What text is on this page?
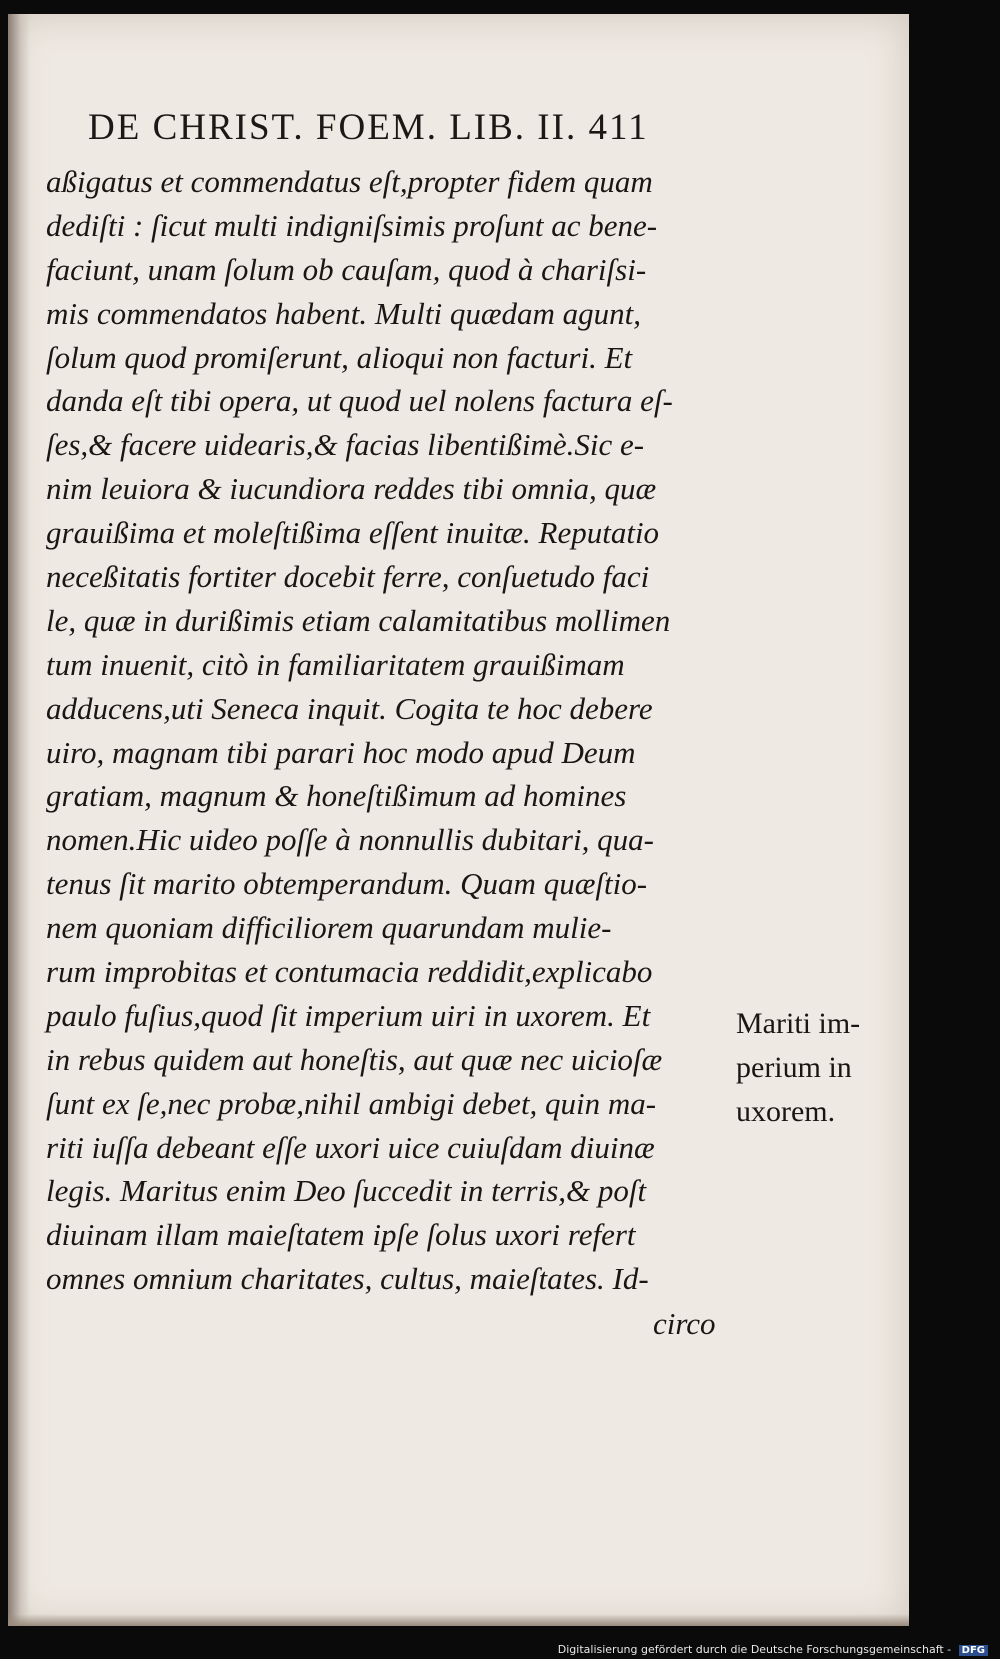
DE CHRIST. FOEM. LIB. II. 411
aßigatus et commendatus eſt,propter fidem quam
dediſti : ſicut multi indigniſsimis proſunt ac bene-
faciunt, unam ſolum ob cauſam, quod à chariſsi-
mis commendatos habent. Multi quædam agunt,
ſolum quod promiſerunt, alioqui non facturi. Et
danda eſt tibi opera, ut quod uel nolens factura eſ-
ſes,& facere uidearis,& facias libentißimè.Sic e-
nim leuiora & iucundiora reddes tibi omnia, quæ
grauißima et moleſtißima eſſent inuitæ. Reputatio
neceßitatis fortiter docebit ferre, conſuetudo faci
le, quæ in durißimis etiam calamitatibus mollimen
tum inuenit, citò in familiaritatem grauißimam
adducens,uti Seneca inquit. Cogita te hoc debere
uiro, magnam tibi parari hoc modo apud Deum
gratiam, magnum & honeſtißimum ad homines
nomen.Hic uideo poſſe à nonnullis dubitari, qua-
tenus ſit marito obtemperandum. Quam quæſtio-
nem quoniam difficiliorem quarundam mulie-
rum improbitas et contumacia reddidit,explicabo
paulo fuſius,quod ſit imperium uiri in uxorem. Et
in rebus quidem aut honeſtis, aut quæ nec uicioſæ
ſunt ex ſe,nec probæ,nihil ambigi debet, quin ma-
riti iuſſa debeant eſſe uxori uice cuiuſdam diuinæ
legis. Maritus enim Deo ſuccedit in terris,& poſt
diuinam illam maieſtatem ipſe ſolus uxori refert
omnes omnium charitates, cultus, maieſtates. Id-
circo
Mariti im-
perium in
uxorem.
Digitalisierung gefördert durch die Deutsche Forschungsgemeinschaft - DFG
